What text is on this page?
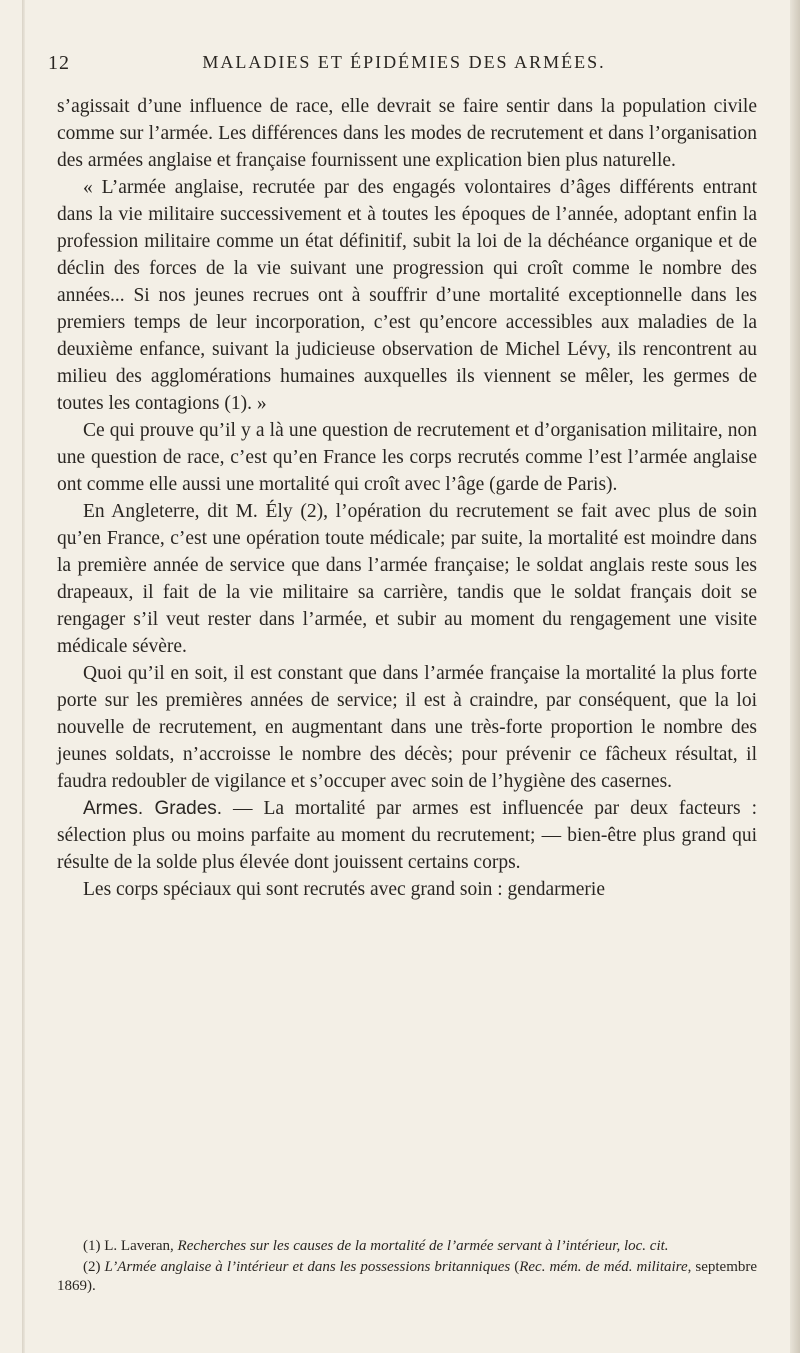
12	MALADIES ET ÉPIDÉMIES DES ARMÉES.

s’agissait d’une influence de race, elle devrait se faire sentir dans la population civile comme sur l’armée. Les différences dans les modes de recrutement et dans l’organisation des armées anglaise et française fournissent une explication bien plus naturelle.

« L’armée anglaise, recrutée par des engagés volontaires d’âges différents entrant dans la vie militaire successivement et à toutes les époques de l’année, adoptant enfin la profession militaire comme un état définitif, subit la loi de la déchéance organique et de déclin des forces de la vie suivant une progression qui croît comme le nombre des années... Si nos jeunes recrues ont à souffrir d’une mortalité exceptionnelle dans les premiers temps de leur incorporation, c’est qu’encore accessibles aux maladies de la deuxième enfance, suivant la judicieuse observation de Michel Lévy, ils rencontrent au milieu des agglomérations humaines auxquelles ils viennent se mêler, les germes de toutes les contagions (1). »

Ce qui prouve qu’il y a là une question de recrutement et d’organisation militaire, non une question de race, c’est qu’en France les corps recrutés comme l’est l’armée anglaise ont comme elle aussi une mortalité qui croît avec l’âge (garde de Paris).

En Angleterre, dit M. Ély (2), l’opération du recrutement se fait avec plus de soin qu’en France, c’est une opération toute médicale; par suite, la mortalité est moindre dans la première année de service que dans l’armée française; le soldat anglais reste sous les drapeaux, il fait de la vie militaire sa carrière, tandis que le soldat français doit se rengager s’il veut rester dans l’armée, et subir au moment du rengagement une visite médicale sévère.

Quoi qu’il en soit, il est constant que dans l’armée française la mortalité la plus forte porte sur les premières années de service; il est à craindre, par conséquent, que la loi nouvelle de recrutement, en augmentant dans une très-forte proportion le nombre des jeunes soldats, n’accroisse le nombre des décès; pour prévenir ce fâcheux résultat, il faudra redoubler de vigilance et s’occuper avec soin de l’hygiène des casernes.

Armes. Grades. — La mortalité par armes est influencée par deux facteurs : sélection plus ou moins parfaite au moment du recrutement; — bien-être plus grand qui résulte de la solde plus élevée dont jouissent certains corps.

Les corps spéciaux qui sont recrutés avec grand soin : gendarmerie

(1) L. Laveran, Recherches sur les causes de la mortalité de l’armée servant à l’intérieur, loc. cit.

(2) L’Armée anglaise à l’intérieur et dans les possessions britanniques (Rec. mém. de méd. militaire, septembre 1869).
